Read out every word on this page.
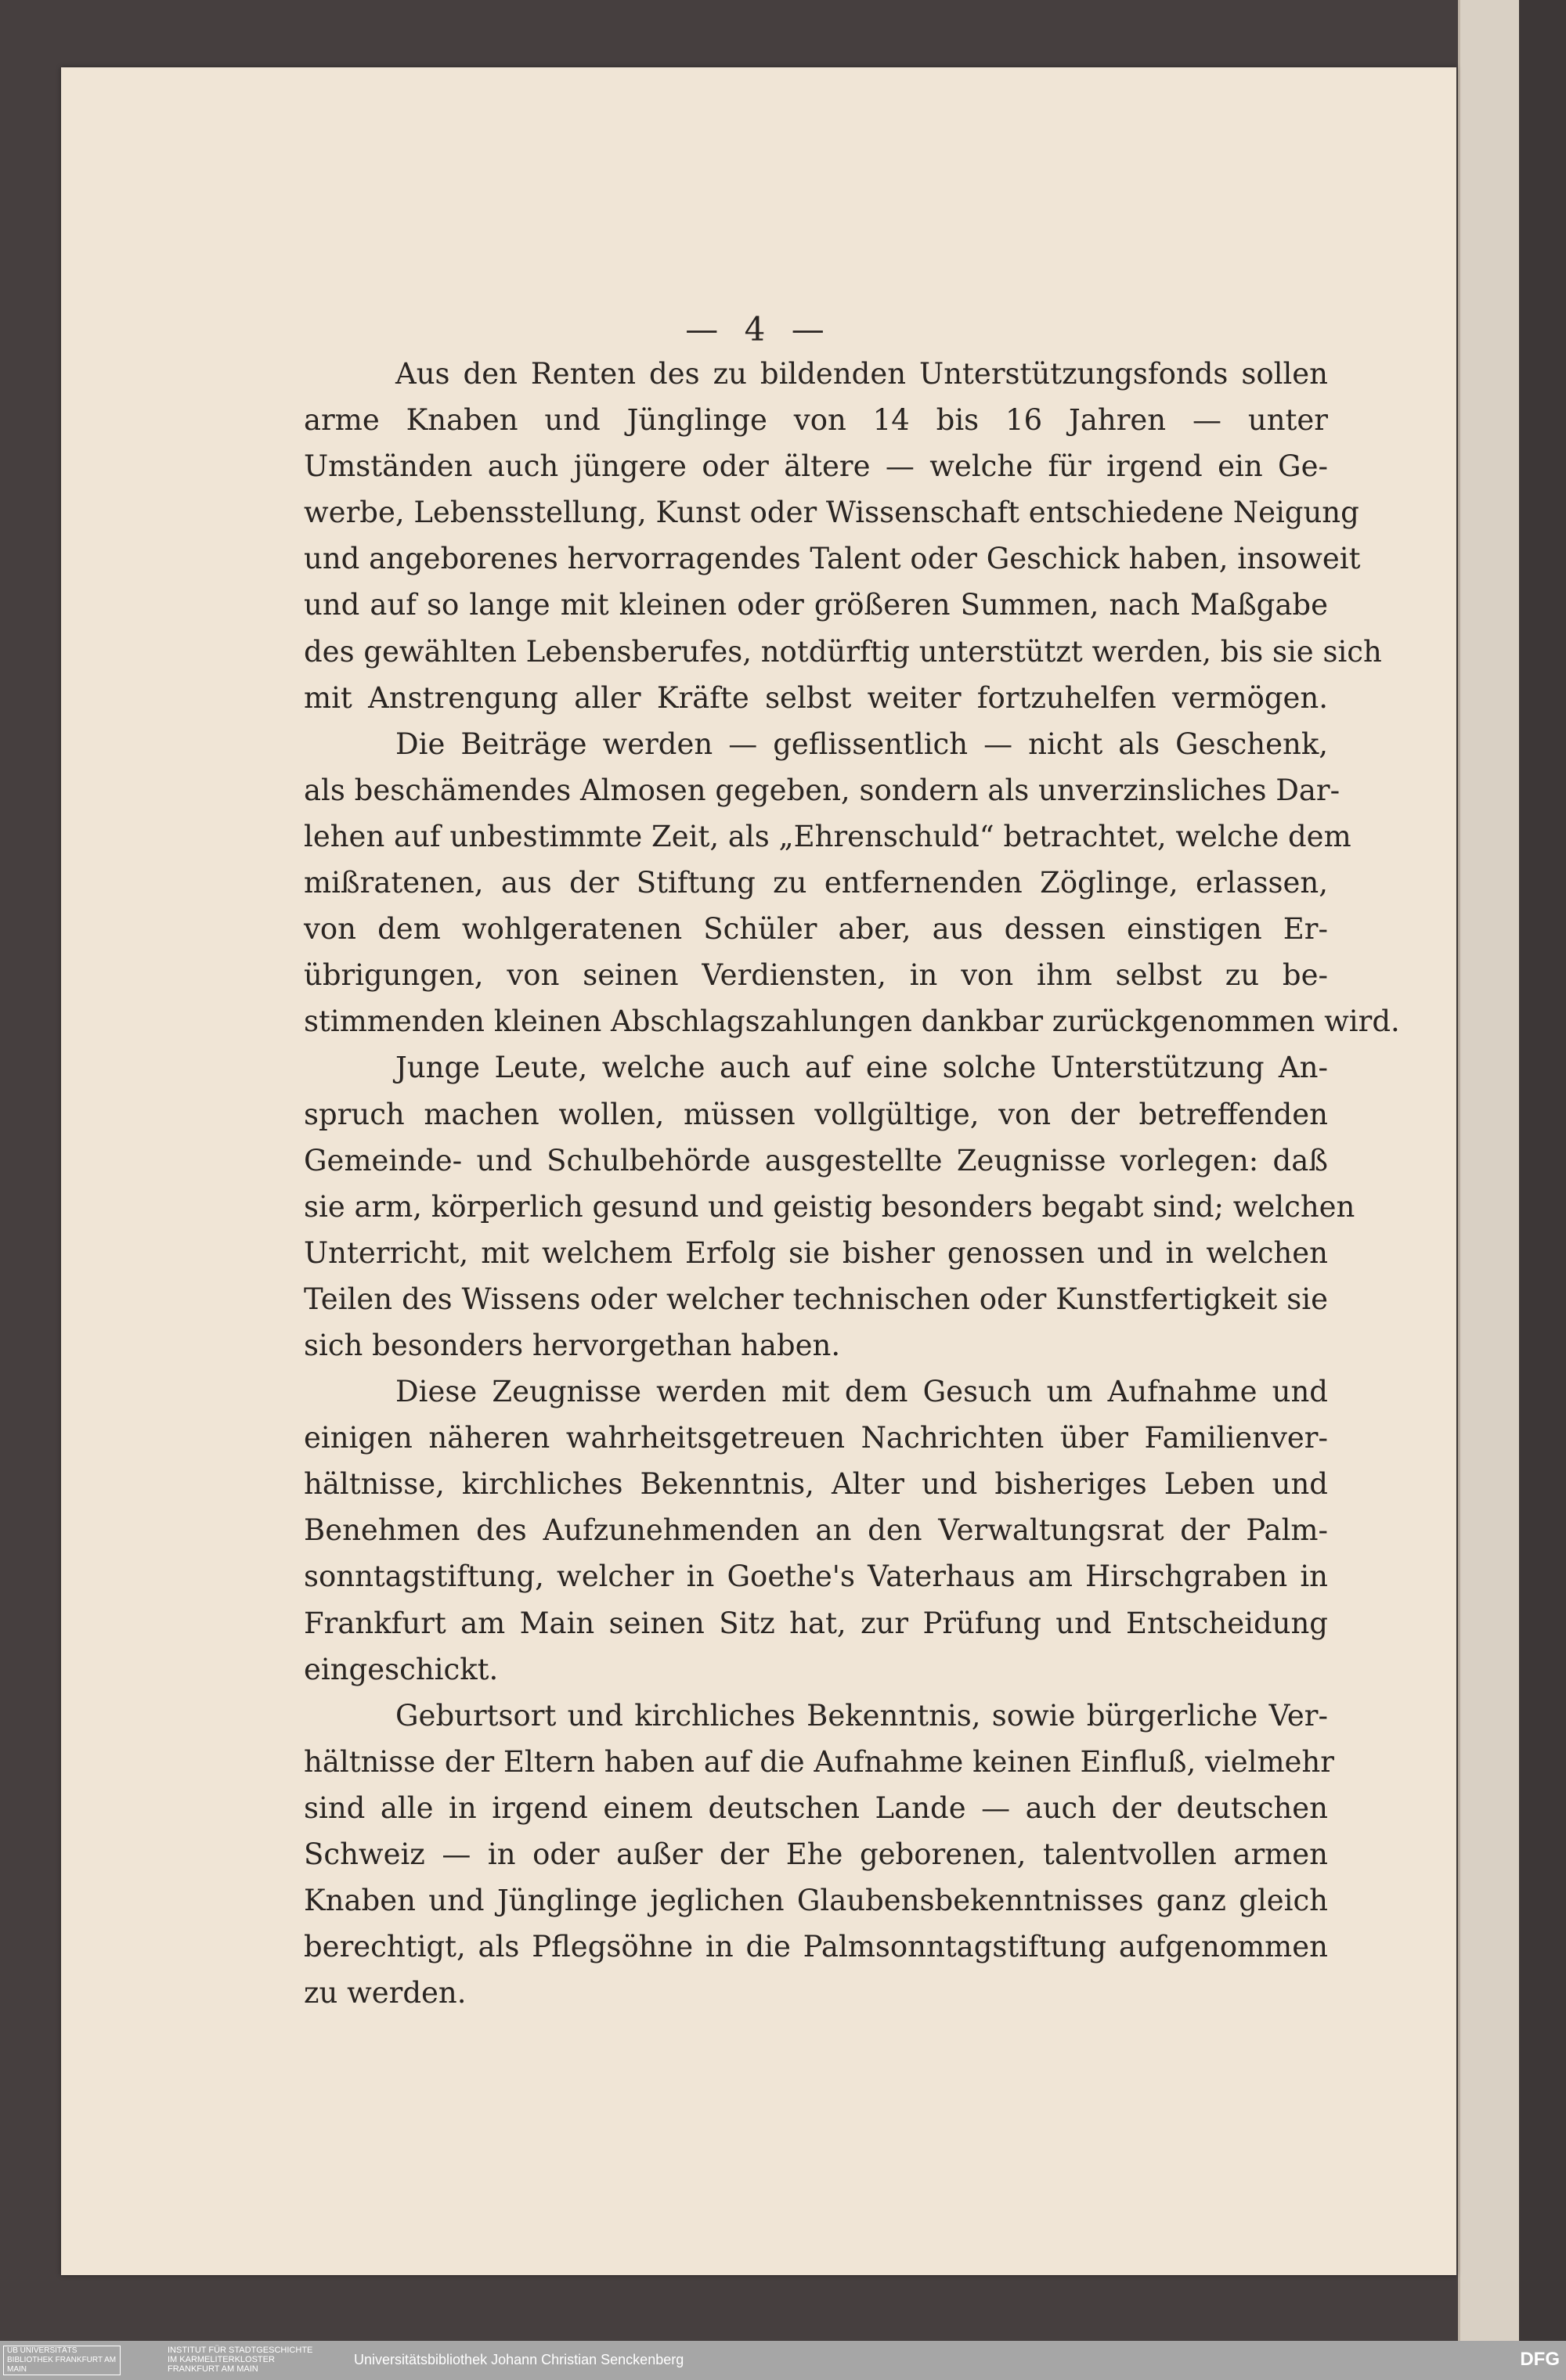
— 4 —
Aus den Renten des zu bildenden Unterstützungsfonds sollen
arme Knaben und Jünglinge von 14 bis 16 Jahren — unter
Umständen auch jüngere oder ältere — welche für irgend ein Ge-
werbe, Lebensstellung, Kunst oder Wissenschaft entschiedene Neigung
und angeborenes hervorragendes Talent oder Geschick haben, insoweit
und auf so lange mit kleinen oder größeren Summen, nach Maßgabe
des gewählten Lebensberufes, notdürftig unterstützt werden, bis sie sich
mit Anstrengung aller Kräfte selbst weiter fortzuhelfen vermögen.
Die Beiträge werden — geflissentlich — nicht als Geschenk,
als beschämendes Almosen gegeben, sondern als unverzinsliches Dar-
lehen auf unbestimmte Zeit, als „Ehrenschuld“ betrachtet, welche dem
mißratenen, aus der Stiftung zu entfernenden Zöglinge, erlassen,
von dem wohlgeratenen Schüler aber, aus dessen einstigen Er-
übrigungen, von seinen Verdiensten, in von ihm selbst zu be-
stimmenden kleinen Abschlagszahlungen dankbar zurückgenommen wird.
Junge Leute, welche auch auf eine solche Unterstützung An-
spruch machen wollen, müssen vollgültige, von der betreffenden
Gemeinde- und Schulbehörde ausgestellte Zeugnisse vorlegen: daß
sie arm, körperlich gesund und geistig besonders begabt sind; welchen
Unterricht, mit welchem Erfolg sie bisher genossen und in welchen
Teilen des Wissens oder welcher technischen oder Kunstfertigkeit sie
sich besonders hervorgethan haben.
Diese Zeugnisse werden mit dem Gesuch um Aufnahme und
einigen näheren wahrheitsgetreuen Nachrichten über Familienver-
hältnisse, kirchliches Bekenntnis, Alter und bisheriges Leben und
Benehmen des Aufzunehmenden an den Verwaltungsrat der Palm-
sonntagstiftung, welcher in Goethe's Vaterhaus am Hirschgraben in
Frankfurt am Main seinen Sitz hat, zur Prüfung und Entscheidung
eingeschickt.
Geburtsort und kirchliches Bekenntnis, sowie bürgerliche Ver-
hältnisse der Eltern haben auf die Aufnahme keinen Einfluß, vielmehr
sind alle in irgend einem deutschen Lande — auch der deutschen
Schweiz — in oder außer der Ehe geborenen, talentvollen armen
Knaben und Jünglinge jeglichen Glaubensbekenntnisses ganz gleich
berechtigt, als Pflegsöhne in die Palmsonntagstiftung aufgenommen
zu werden.
UB UNIVERSITÄTS BIBLIOTHEK FRANKFURT AM MAIN
INSTITUT FÜR STADTGESCHICHTE IM KARMELITERKLOSTER FRANKFURT AM MAIN
Universitätsbibliothek Johann Christian Senckenberg	DFG
